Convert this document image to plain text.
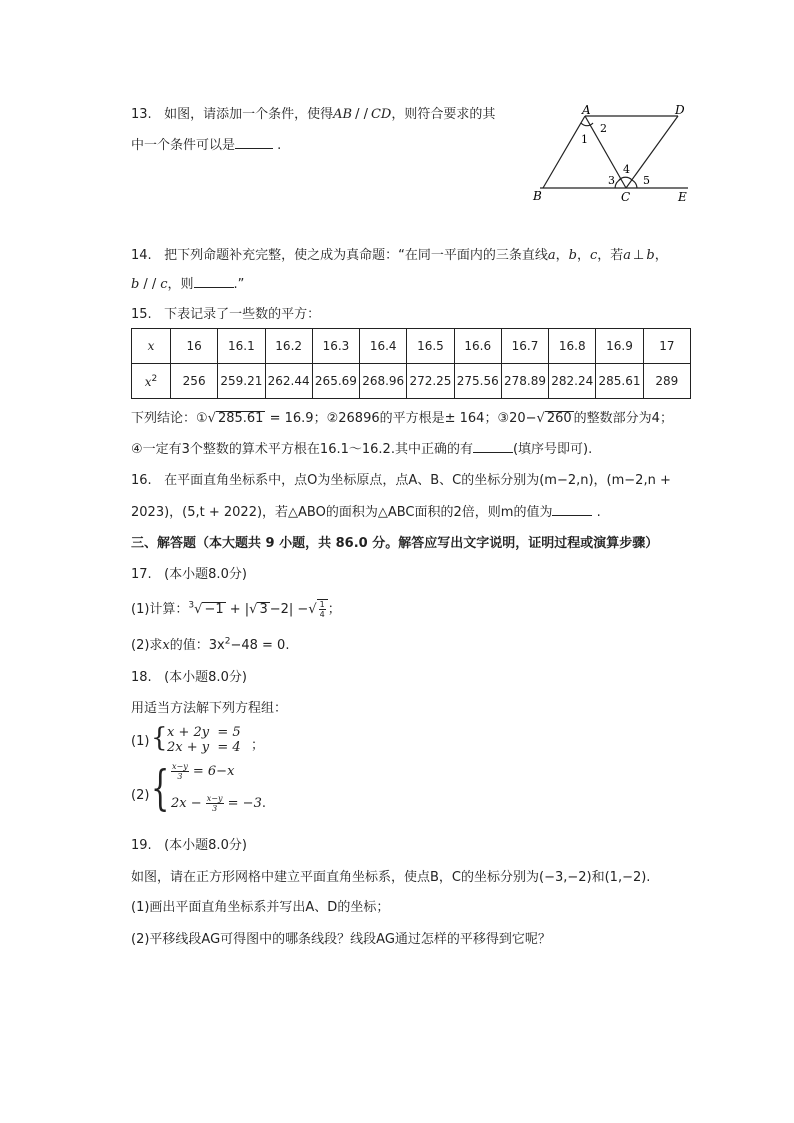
13. 如图，请添加一个条件，使得AB / / CD，则符合要求的其
中一个条件可以是	.
A	D
B	C	E
1
2
3
4
5
14. 把下列命题补充完整，使之成为真命题：“在同一平面内的三条直线a，b，c，若a ⊥ b，
b / / c，则	.”
15. 下表记录了一些数的平方：
x	16	16.1	16.2	16.3	16.4	16.5	16.6	16.7	16.8	16.9	17
$x^2$	256	259.21	262.44	265.69	268.96	272.25	275.56	278.89	282.24	285.61	289
下列结论：①√ 285.61 = 16.9；②26896的平方根是± 164；③20−√ 260 的整数部分为4；
④一定有3个整数的算术平方根在16.1～16.2.其中正确的有	(填序号即可).
16. 在平面直角坐标系中，点O为坐标原点，点A、B、C的坐标分别为(m−2,n)，(m−2,n +
2023)，(5,t + 2022)，若△ABO的面积为△ABC面积的2倍，则m的值为	.
三、解答题（本大题共 9 小题，共 86.0 分。解答应写出文字说明，证明过程或演算步骤）
17. (本小题8.0分)
(1)计算：$^3$√ −1 + |√ 3 −2| −√ $\frac{1}{4}$ ；
(2)求x的值：$3x^2-48 = 0$.
18. (本小题8.0分)
用适当方法解下列方程组：
(1) { x + 2y  = 5
2x + y  = 4 ；
(2) { $\frac{x-y}{3} = 6-x$
$2x - \frac{x-y}{3} = -3$.
19. (本小题8.0分)
如图，请在正方形网格中建立平面直角坐标系，使点B，C的坐标分别为(−3,−2)和(1,−2).
(1)画出平面直角坐标系并写出A、D的坐标；
(2)平移线段AG可得图中的哪条线段？线段AG通过怎样的平移得到它呢？
